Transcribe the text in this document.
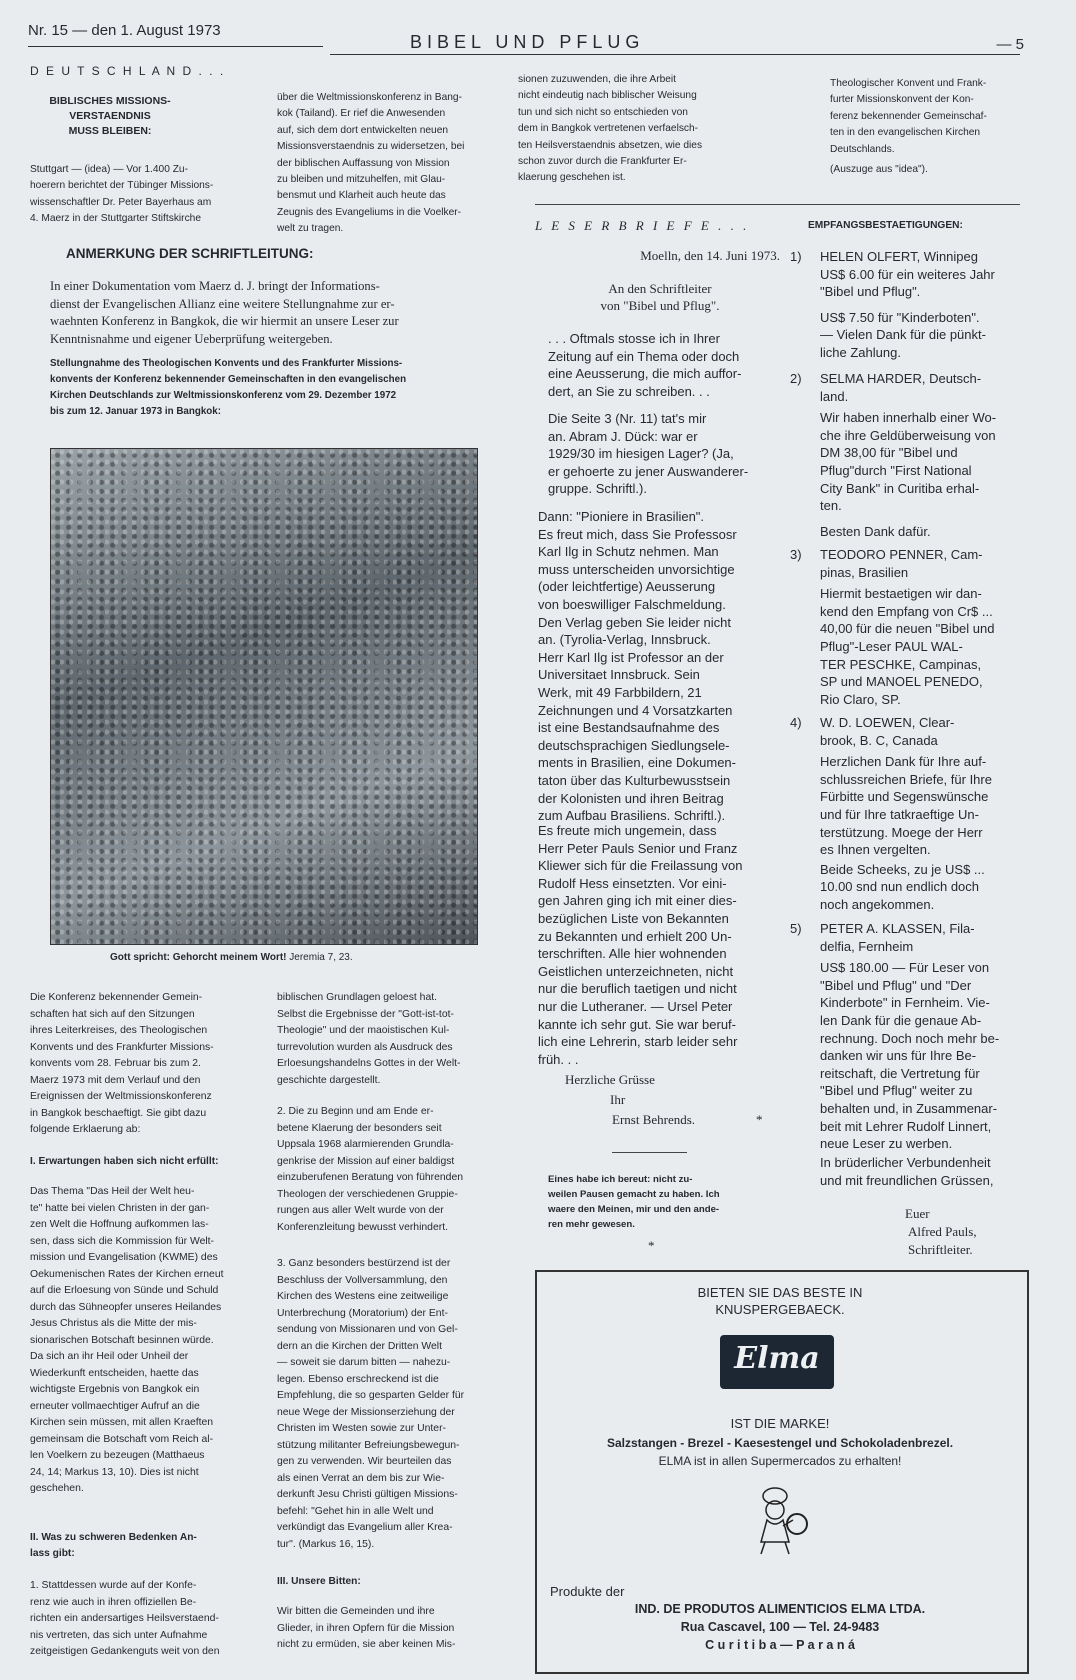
Nr. 15 — den 1. August 1973
BIBEL UND PFLUG	— 5
D E U T S C H L A N D . . .
BIBLISCHES MISSIONS-
VERSTAENDNIS
MUSS BLEIBEN:
Stuttgart — (idea) — Vor 1.400 Zu-
hoerern berichtet der Tübinger Missions-
wissenschaftler Dr. Peter Bayerhaus am
4. Maerz in der Stuttgarter Stiftskirche
über die Weltmissionskonferenz in Bang-
kok (Tailand). Er rief die Anwesenden
auf, sich dem dort entwickelten neuen
Missionsverstaendnis zu widersetzen, bei
der biblischen Auffassung von Mission
zu bleiben und mitzuhelfen, mit Glau-
bensmut und Klarheit auch heute das
Zeugnis des Evangeliums in die Voelker-
welt zu tragen.
sionen zuzuwenden, die ihre Arbeit
nicht eindeutig nach biblischer Weisung
tun und sich nicht so entschieden von
dem in Bangkok vertretenen verfaelsch-
ten Heilsverstaendnis absetzen, wie dies
schon zuvor durch die Frankfurter Er-
klaerung geschehen ist.
Theologischer Konvent und Frank-
furter Missionskonvent der Kon-
ferenz bekennender Gemeinschaf-
ten in den evangelischen Kirchen
Deutschlands.
(Auszuge aus "idea").
ANMERKUNG DER SCHRIFTLEITUNG:
In einer Dokumentation vom Maerz d. J. bringt der Informations-
dienst der Evangelischen Allianz eine weitere Stellungnahme zur er-
waehnten Konferenz in Bangkok, die wir hiermit an unsere Leser zur
Kenntnisnahme und eigener Ueberprüfung weitergeben.
Stellungnahme des Theologischen Konvents und des Frankfurter Missions-
konvents der Konferenz bekennender Gemeinschaften in den evangelischen
Kirchen Deutschlands zur Weltmissionskonferenz vom 29. Dezember 1972
bis zum 12. Januar 1973 in Bangkok:
Gott spricht: Gehorcht meinem Wort! Jeremia 7, 23.
Die Konferenz bekennender Gemein-
schaften hat sich auf den Sitzungen
ihres Leiterkreises, des Theologischen
Konvents und des Frankfurter Missions-
konvents vom 28. Februar bis zum 2.
Maerz 1973 mit dem Verlauf und den
Ereignissen der Weltmissionskonferenz
in Bangkok beschaeftigt. Sie gibt dazu
folgende Erklaerung ab:
I. Erwartungen haben sich nicht erfüllt:
Das Thema "Das Heil der Welt heu-
te" hatte bei vielen Christen in der gan-
zen Welt die Hoffnung aufkommen las-
sen, dass sich die Kommission für Welt-
mission und Evangelisation (KWME) des
Oekumenischen Rates der Kirchen erneut
auf die Erloesung von Sünde und Schuld
durch das Sühneopfer unseres Heilandes
Jesus Christus als die Mitte der mis-
sionarischen Botschaft besinnen würde.
Da sich an ihr Heil oder Unheil der
Wiederkunft entscheiden, haette das
wichtigste Ergebnis von Bangkok ein
erneuter vollmaechtiger Aufruf an die
Kirchen sein müssen, mit allen Kraeften
gemeinsam die Botschaft vom Reich al-
len Voelkern zu bezeugen (Matthaeus
24, 14; Markus 13, 10). Dies ist nicht
geschehen.
II. Was zu schweren Bedenken An-
lass gibt:
1. Stattdessen wurde auf der Konfe-
renz wie auch in ihren offiziellen Be-
richten ein andersartiges Heilsverstaend-
nis vertreten, das sich unter Aufnahme
zeitgeistigen Gedankenguts weit von den
biblischen Grundlagen geloest hat.
Selbst die Ergebnisse der "Gott-ist-tot-
Theologie" und der maoistischen Kul-
turrevolution wurden als Ausdruck des
Erloesungshandelns Gottes in der Welt-
geschichte dargestellt.
2. Die zu Beginn und am Ende er-
betene Klaerung der besonders seit
Uppsala 1968 alarmierenden Grundla-
genkrise der Mission auf einer baldigst
einzuberufenen Beratung von führenden
Theologen der verschiedenen Gruppie-
rungen aus aller Welt wurde von der
Konferenzleitung bewusst verhindert.
3. Ganz besonders bestürzend ist der
Beschluss der Vollversammlung, den
Kirchen des Westens eine zeitweilige
Unterbrechung (Moratorium) der Ent-
sendung von Missionaren und von Gel-
dern an die Kirchen der Dritten Welt
— soweit sie darum bitten — nahezu-
legen. Ebenso erschreckend ist die
Empfehlung, die so gesparten Gelder für
neue Wege der Missionserziehung der
Christen im Westen sowie zur Unter-
stützung militanter Befreiungsbewegun-
gen zu verwenden. Wir beurteilen das
als einen Verrat an dem bis zur Wie-
derkunft Jesu Christi gültigen Missions-
befehl: "Gehet hin in alle Welt und
verkündigt das Evangelium aller Krea-
tur". (Markus 16, 15).
III. Unsere Bitten:
Wir bitten die Gemeinden und ihre
Glieder, in ihren Opfern für die Mission
nicht zu ermüden, sie aber keinen Mis-
L E S E R B R I E F E . . .
Moelln, den 14. Juni 1973.
An den Schriftleiter
von "Bibel und Pflug".
. . . Oftmals stosse ich in Ihrer
Zeitung auf ein Thema oder doch
eine Aeusserung, die mich auffor-
dert, an Sie zu schreiben. . .
Die Seite 3 (Nr. 11) tat's mir
an. Abram J. Dück: war er
1929/30 im hiesigen Lager? (Ja,
er gehoerte zu jener Auswanderer-
gruppe. Schriftl.).
Dann: "Pioniere in Brasilien".
Es freut mich, dass Sie Professosr
Karl Ilg in Schutz nehmen. Man
muss unterscheiden unvorsichtige
(oder leichtfertige) Aeusserung
von boeswilliger Falschmeldung.
Den Verlag geben Sie leider nicht
an. (Tyrolia-Verlag, Innsbruck.
Herr Karl Ilg ist Professor an der
Universitaet Innsbruck. Sein
Werk, mit 49 Farbbildern, 21
Zeichnungen und 4 Vorsatzkarten
ist eine Bestandsaufnahme des
deutschsprachigen Siedlungsele-
ments in Brasilien, eine Dokumen-
taton über das Kulturbewusstsein
der Kolonisten und ihren Beitrag
zum Aufbau Brasiliens. Schriftl.).
Es freute mich ungemein, dass
Herr Peter Pauls Senior und Franz
Kliewer sich für die Freilassung von
Rudolf Hess einsetzten. Vor eini-
gen Jahren ging ich mit einer dies-
bezüglichen Liste von Bekannten
zu Bekannten und erhielt 200 Un-
terschriften. Alle hier wohnenden
Geistlichen unterzeichneten, nicht
nur die beruflich taetigen und nicht
nur die Lutheraner. — Ursel Peter
kannte ich sehr gut. Sie war beruf-
lich eine Lehrerin, starb leider sehr
früh. . .
Herzliche Grüsse
Ihr
Ernst Behrends.	*
Eines habe ich bereut: nicht zu-
weilen Pausen gemacht zu haben. Ich
waere den Meinen, mir und den ande-
ren mehr gewesen.
*
EMPFANGSBESTAETIGUNGEN:
1) HELEN OLFERT, Winnipeg
US$ 6.00 für ein weiteres Jahr
"Bibel und Pflug".
US$ 7.50 für "Kinderboten".
— Vielen Dank für die pünkt-
liche Zahlung.
2)	SELMA HARDER, Deutsch-
land.
Wir haben innerhalb einer Wo-
che ihre Geldüberweisung von
DM 38,00 für "Bibel und
Pflug"durch "First National
City Bank" in Curitiba erhal-
ten.
Besten Dank dafür.
3)	TEODORO PENNER, Cam-
pinas, Brasilien
Hiermit bestaetigen wir dan-
kend den Empfang von Cr$ ...
40,00 für die neuen "Bibel und
Pflug"-Leser PAUL WAL-
TER PESCHKE, Campinas,
SP und MANOEL PENEDO,
Rio Claro, SP.
4)	W. D. LOEWEN, Clear-
brook, B. C, Canada
Herzlichen Dank für Ihre auf-
schlussreichen Briefe, für Ihre
Fürbitte und Segenswünsche
und für Ihre tatkraeftige Un-
terstützung. Moege der Herr
es Ihnen vergelten.
Beide Scheeks, zu je US$ ...
10.00 snd nun endlich doch
noch angekommen.
5)	PETER A. KLASSEN, Fila-
delfia, Fernheim
US$ 180.00 — Für Leser von
"Bibel und Pflug" und "Der
Kinderbote" in Fernheim. Vie-
len Dank für die genaue Ab-
rechnung. Doch noch mehr be-
danken wir uns für Ihre Be-
reitschaft, die Vertretung für
"Bibel und Pflug" weiter zu
behalten und, in Zusammenar-
beit mit Lehrer Rudolf Linnert,
neue Leser zu werben.
In brüderlicher Verbundenheit
und mit freundlichen Grüssen,
Euer
Alfred Pauls,
Schriftleiter.
BIETEN SIE DAS BESTE IN
KNUSPERGEBAECK.
Elma
IST DIE MARKE!
Salzstangen - Brezel - Kaesestengel und Schokoladenbrezel.
ELMA ist in allen Supermercados zu erhalten!
Produkte der
IND. DE PRODUTOS ALIMENTICIOS ELMA LTDA.
Rua Cascavel, 100 — Tel. 24-9483
C u r i t i b a — P a r a n á
